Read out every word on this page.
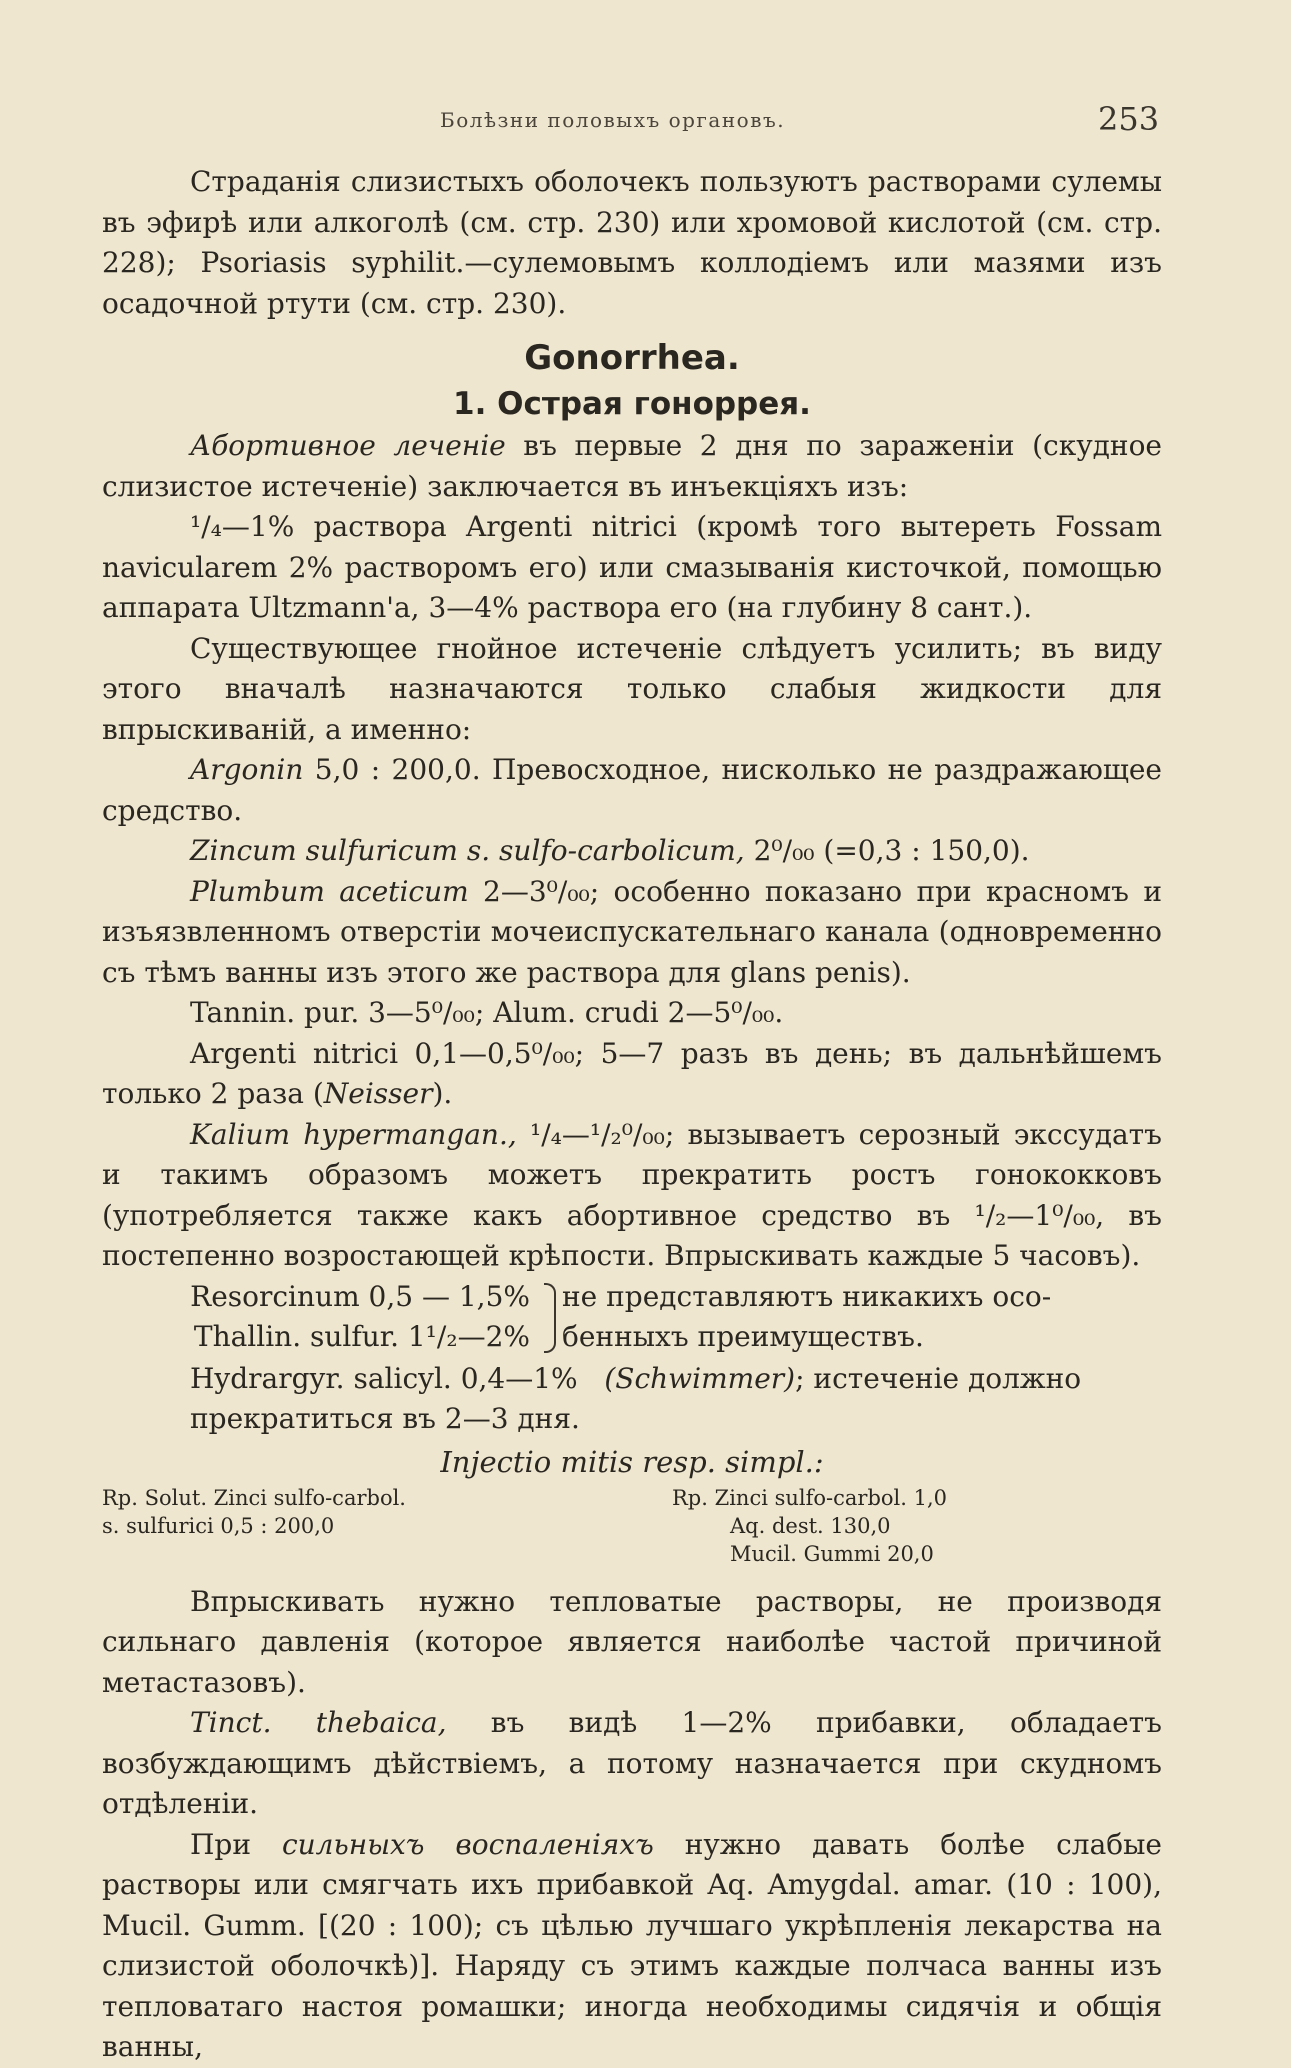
Болѣзни половыхъ органовъ.	253

Страданія слизистыхъ оболочекъ пользуютъ растворами сулемы въ эфирѣ или алкоголѣ (см. стр. 230) или хромовой кислотой (см. стр. 228); Psoriasis syphilit.—сулемовымъ коллодіемъ или мазями изъ осадочной ртути (см. стр. 230).

Gonorrhea.
1. Острая гоноррея.

Абортивное леченіе въ первые 2 дня по зараженіи (скудное слизистое истеченіе) заключается въ инъекціяхъ изъ:

¹/₄—1% раствора Argenti nitrici (кромѣ того вытереть Fossam navicularem 2% растворомъ его) или смазыванія кисточкой, помощью аппарата Ultzmann'a, 3—4% раствора его (на глубину 8 сант.).

Существующее гнойное истеченіе слѣдуетъ усилить; въ виду этого вначалѣ назначаются только слабыя жидкости для впрыскиваній, а именно:

Argonin 5,0 : 200,0. Превосходное, нисколько не раздражающее средство.

Zincum sulfuricum s. sulfo-carbolicum, 2⁰/₀₀ (=0,3 : 150,0).

Plumbum aceticum 2—3⁰/₀₀; особенно показано при красномъ и изъязвленномъ отверстіи мочеиспускательнаго канала (одновременно съ тѣмъ ванны изъ этого же раствора для glans penis).

Tannin. pur. 3—5⁰/₀₀; Alum. crudi 2—5⁰/₀₀.

Argenti nitrici 0,1—0,5⁰/₀₀; 5—7 разъ въ день; въ дальнѣйшемъ только 2 раза (Neisser).

Kalium hypermangan., ¹/₄—¹/₂⁰/₀₀; вызываетъ серозный экссудатъ и такимъ образомъ можетъ прекратить ростъ гонококковъ (употребляется также какъ абортивное средство въ ¹/₂—1⁰/₀₀, въ постепенно возростающей крѣпости. Впрыскивать каждые 5 часовъ).

Resorcinum 0,5 — 1,5%
Thallin. sulfur. 1¹/₂—2%
не представляютъ никакихъ осо-
бенныхъ преимуществъ.
Hydrargyr. salicyl. 0,4—1% (Schwimmer); истеченіе должно
прекратиться въ 2—3 дня.
Injectio mitis resp. simpl.:
Rp. Solut. Zinci sulfo-carbol.
s. sulfurici 0,5 : 200,0
Rp. Zinci sulfo-carbol. 1,0
Aq. dest. 130,0
Mucil. Gummi 20,0

Впрыскивать нужно тепловатые растворы, не производя сильнаго давленія (которое является наиболѣе частой причиной метастазовъ).

Tinct. thebaica, въ видѣ 1—2% прибавки, обладаетъ возбуждающимъ дѣйствіемъ, а потому назначается при скудномъ отдѣленіи.

При сильныхъ воспаленіяхъ нужно давать болѣе слабые растворы или смягчать ихъ прибавкой Aq. Amygdal. amar. (10 : 100), Mucil. Gumm. [(20 : 100); съ цѣлью лучшаго укрѣпленія лекарства на слизистой оболочкѣ)]. Наряду съ этимъ каждые полчаса ванны изъ тепловатаго настоя ромашки; иногда необходимы сидячія и общія ванны,
